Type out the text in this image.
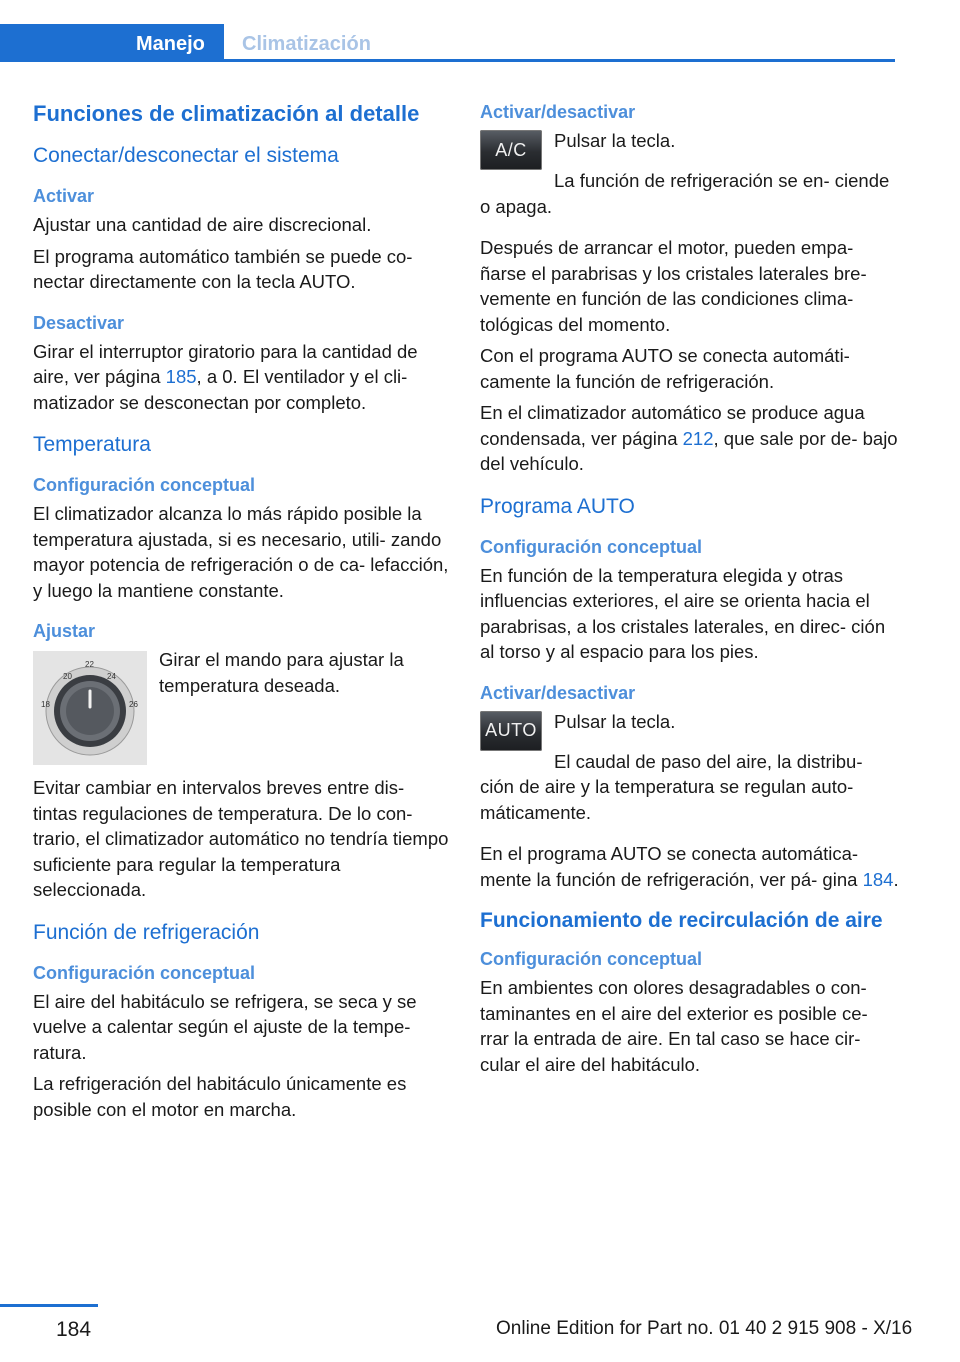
Manejo Climatización
Funciones de climatización al detalle
Conectar/desconectar el sistema
Activar
Ajustar una cantidad de aire discrecional.
El programa automático también se puede co‐ nectar directamente con la tecla AUTO.
Desactivar
Girar el interruptor giratorio para la cantidad de aire, ver página 185, a 0. El ventilador y el cli‐ matizador se desconectan por completo.
Temperatura
Configuración conceptual
El climatizador alcanza lo más rápido posible la temperatura ajustada, si es necesario, utili‐ zando mayor potencia de refrigeración o de ca‐ lefacción, y luego la mantiene constante.
Ajustar
20
22
24
18	26
Girar el mando para ajustar la temperatura deseada.
Evitar cambiar en intervalos breves entre dis‐ tintas regulaciones de temperatura. De lo con‐ trario, el climatizador automático no tendría tiempo suficiente para regular la temperatura seleccionada.
Función de refrigeración
Configuración conceptual
El aire del habitáculo se refrigera, se seca y se vuelve a calentar según el ajuste de la tempe‐ ratura.
La refrigeración del habitáculo únicamente es posible con el motor en marcha.
Activar/desactivar
A/C	Pulsar la tecla.
La función de refrigeración se en‐ ciende o apaga.
Después de arrancar el motor, pueden empa‐ ñarse el parabrisas y los cristales laterales bre‐ vemente en función de las condiciones clima‐ tológicas del momento.
Con el programa AUTO se conecta automáti‐ camente la función de refrigeración.
En el climatizador automático se produce agua condensada, ver página 212, que sale por de‐ bajo del vehículo.
Programa AUTO
Configuración conceptual
En función de la temperatura elegida y otras influencias exteriores, el aire se orienta hacia el parabrisas, a los cristales laterales, en direc‐ ción al torso y al espacio para los pies.
Activar/desactivar
AUTO Pulsar la tecla.
El caudal de paso del aire, la distribu‐ ción de aire y la temperatura se regulan auto‐ máticamente.
En el programa AUTO se conecta automática‐ mente la función de refrigeración, ver pá‐ gina 184.
Funcionamiento de recirculación de aire
Configuración conceptual
En ambientes con olores desagradables o con‐ taminantes en el aire del exterior es posible ce‐ rrar la entrada de aire. En tal caso se hace cir‐ cular el aire del habitáculo.
184	Online Edition for Part no. 01 40 2 915 908 - X/16
